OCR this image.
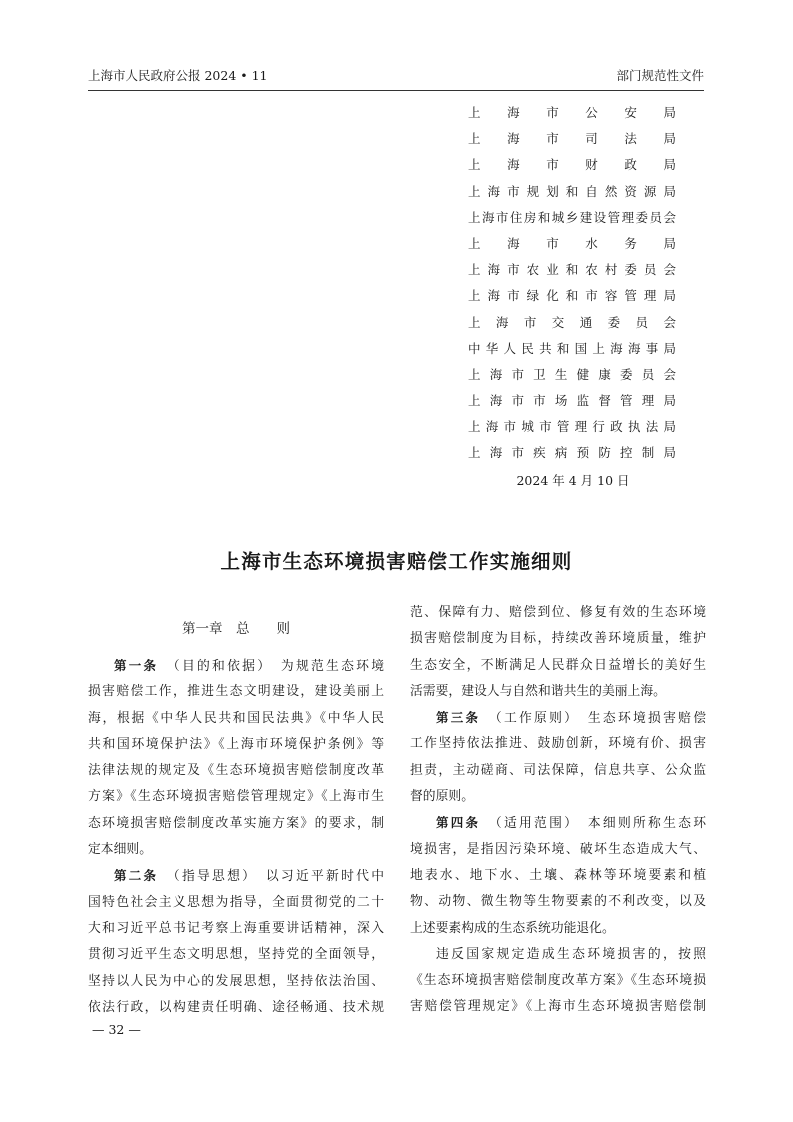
上海市人民政府公报 2024 • 11	部门规范性文件
上　海　市　公　安　局
上　海　市　司　法　局
上　海　市　财　政　局
上海市规划和自然资源局
上海市住房和城乡建设管理委员会
上　海　市　水　务　局
上海市农业和农村委员会
上海市绿化和市容管理局
上　海　市　交　通　委　员　会
中华人民共和国上海海事局
上海市卫生健康委员会
上海市市场监督管理局
上海市城市管理行政执法局
上海市疾病预防控制局
2024 年 4 月 10 日
上海市生态环境损害赔偿工作实施细则
第一章　总　　则
第一条　（目的和依据）　为规范生态环境
损害赔偿工作，推进生态文明建设，建设美丽上
海，根据《中华人民共和国民法典》《中华人民
共和国环境保护法》《上海市环境保护条例》等
法律法规的规定及《生态环境损害赔偿制度改革
方案》《生态环境损害赔偿管理规定》《上海市生
态环境损害赔偿制度改革实施方案》的要求，制
定本细则。
第二条　（指导思想）　以习近平新时代中
国特色社会主义思想为指导，全面贯彻党的二十
大和习近平总书记考察上海重要讲话精神，深入
贯彻习近平生态文明思想，坚持党的全面领导，
坚持以人民为中心的发展思想，坚持依法治国、
依法行政，以构建责任明确、途径畅通、技术规
范、保障有力、赔偿到位、修复有效的生态环境
损害赔偿制度为目标，持续改善环境质量，维护
生态安全，不断满足人民群众日益增长的美好生
活需要，建设人与自然和谐共生的美丽上海。
第三条　（工作原则）　生态环境损害赔偿
工作坚持依法推进、鼓励创新，环境有价、损害
担责，主动磋商、司法保障，信息共享、公众监
督的原则。
第四条　（适用范围）　本细则所称生态环
境损害，是指因污染环境、破坏生态造成大气、
地表水、地下水、土壤、森林等环境要素和植
物、动物、微生物等生物要素的不利改变，以及
上述要素构成的生态系统功能退化。
违反国家规定造成生态环境损害的，按照
《生态环境损害赔偿制度改革方案》《生态环境损
害赔偿管理规定》《上海市生态环境损害赔偿制
— 32 —
